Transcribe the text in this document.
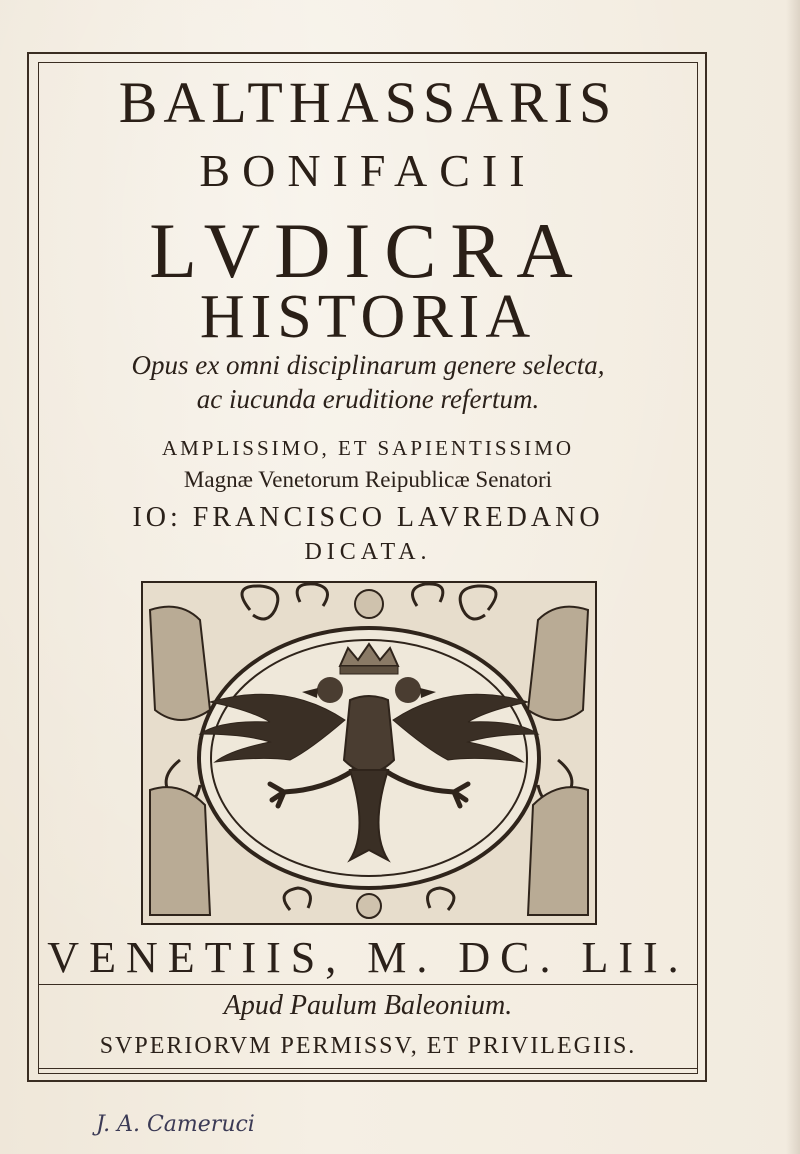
BALTHASSARIS
BONIFACII
LVDICRA
HISTORIA
Opus ex omni disciplinarum genere selecta,
ac iucunda eruditione refertum.
AMPLISSIMO, ET SAPIENTISSIMO
Magnæ Venetorum Reipublicæ Senatori
IO: FRANCISCO LAVREDANO
DICATA.
VENETIIS, M. DC. LII.
Apud Paulum Baleonium.
SVPERIORVM PERMISSV, ET PRIVILEGIIS.
J. A. Cameruci
